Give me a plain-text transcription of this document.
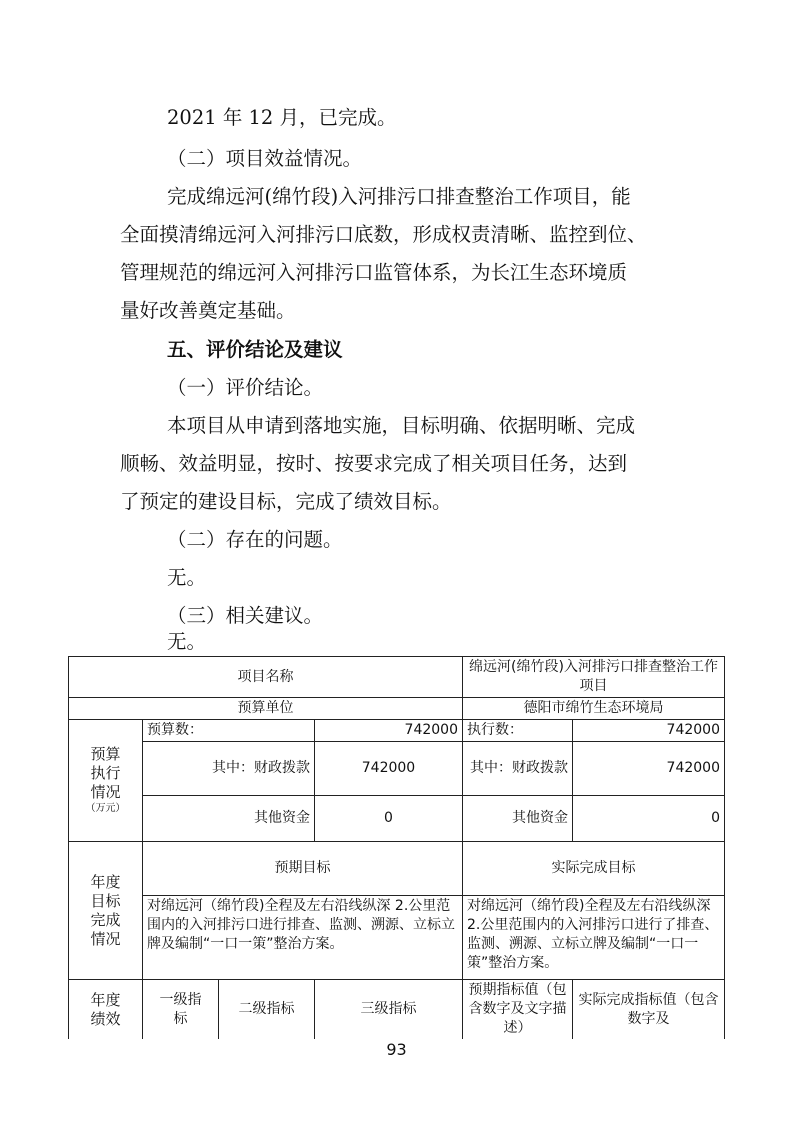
2021 年 12 月，已完成。
（二）项目效益情况。
完成绵远河(绵竹段)入河排污口排查整治工作项目，能
全面摸清绵远河入河排污口底数，形成权责清晰、监控到位、
管理规范的绵远河入河排污口监管体系，为长江生态环境质
量好改善奠定基础。
五、评价结论及建议
（一）评价结论。
本项目从申请到落地实施，目标明确、依据明晰、完成
顺畅、效益明显，按时、按要求完成了相关项目任务，达到
了预定的建设目标，完成了绩效目标。
（二）存在的问题。
无。
（三）相关建议。
无。
项目名称				绵远河(绵竹段)入河排污口排查整治工作项目	
预算单位				德阳市绵竹生态环境局	

预算执行情况
（万元）	预算数：		742000	执行数：	742000
	其中：财政拨款		742000	其中：财政拨款	742000
	其他资金		0	其他资金	0

年度目标完成情况	预期目标			实际完成目标	
	对绵远河（绵竹段)全程及左右沿线纵深 2.公里范围内的入河排污口进行排查、监测、溯源、立标立牌及编制“一口一策”整治方案。			对绵远河（绵竹段)全程及左右沿线纵深 2.公里范围内的入河排污口进行了排查、监测、溯源、立标立牌及编制“一口一策”整治方案。	

年度绩效	一级指标	二级指标	三级指标	预期指标值（包含数字及文字描述）	实际完成指标值（包含数字及
93
